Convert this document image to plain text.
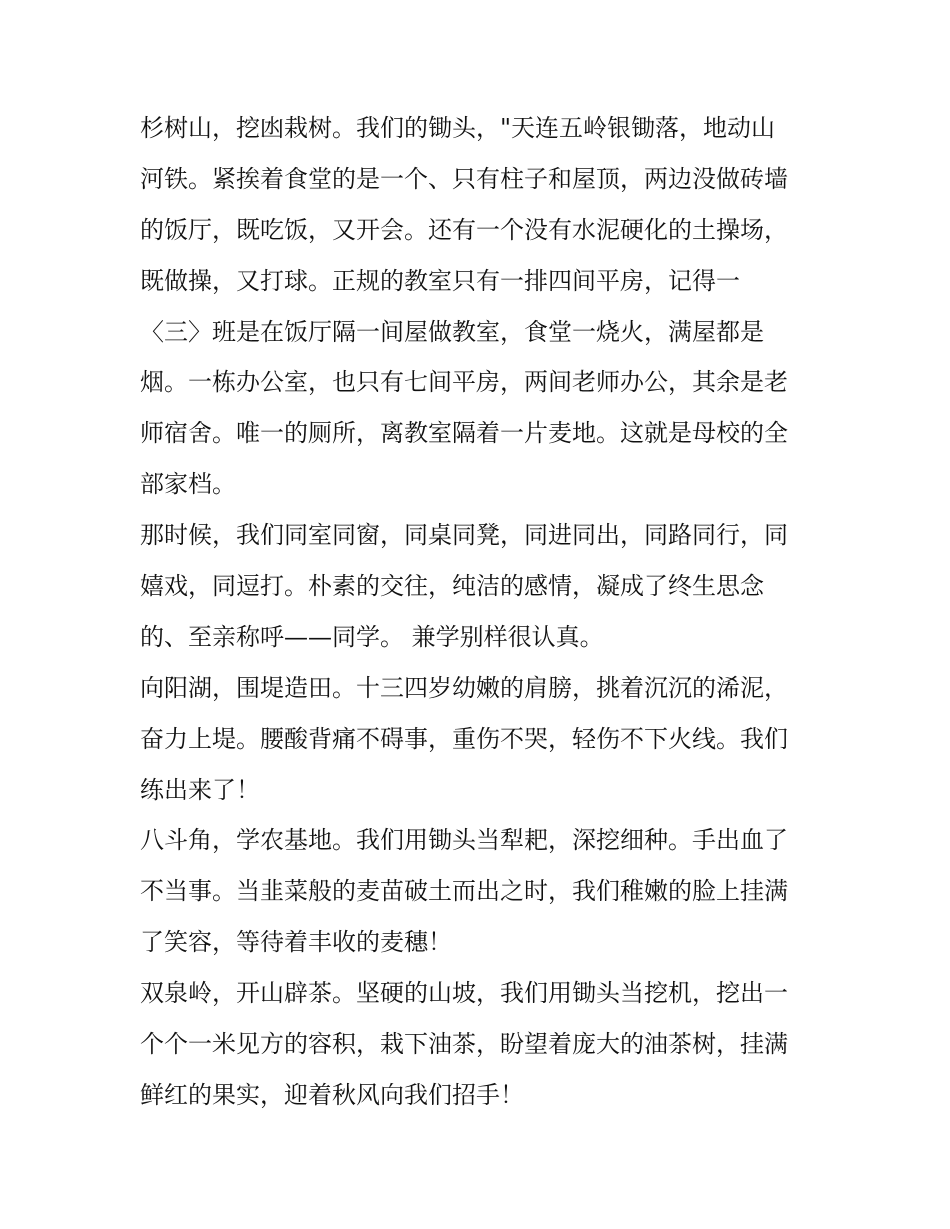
杉树山，挖凼栽树。我们的锄头，"天连五岭银锄落，地动山
河铁。紧挨着食堂的是一个、只有柱子和屋顶，两边没做砖墙
的饭厅，既吃饭，又开会。还有一个没有水泥硬化的土操场，
既做操，又打球。正规的教室只有一排四间平房，记得一
〈三〉班是在饭厅隔一间屋做教室，食堂一烧火，满屋都是
烟。一栋办公室，也只有七间平房，两间老师办公，其余是老
师宿舍。唯一的厕所，离教室隔着一片麦地。这就是母校的全
部家档。
那时候，我们同室同窗，同桌同凳，同进同出，同路同行，同
嬉戏，同逗打。朴素的交往，纯洁的感情，凝成了终生思念
的、至亲称呼——同学。 兼学别样很认真。
向阳湖，围堤造田。十三四岁幼嫩的肩膀，挑着沉沉的浠泥，
奋力上堤。腰酸背痛不碍事，重伤不哭，轻伤不下火线。我们
练出来了！
八斗角，学农基地。我们用锄头当犁耙，深挖细种。手出血了
不当事。当韭菜般的麦苗破土而出之时，我们稚嫩的脸上挂满
了笑容，等待着丰收的麦穗！
双泉岭，开山辟茶。坚硬的山坡，我们用锄头当挖机，挖出一
个个一米见方的容积，栽下油茶，盼望着庞大的油茶树，挂满
鲜红的果实，迎着秋风向我们招手！
